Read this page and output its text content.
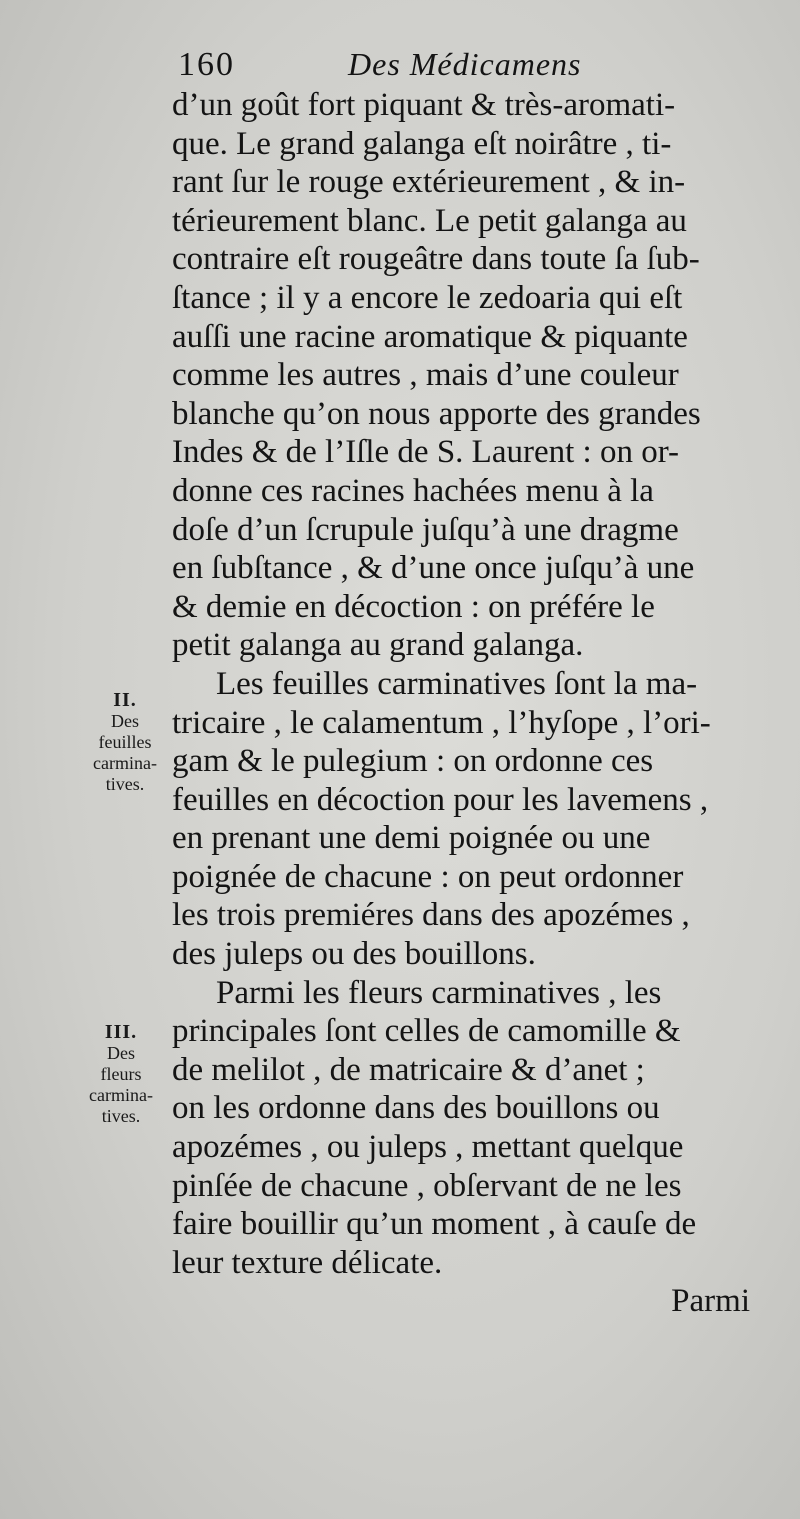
160	Des Médicamens
d’un goût fort piquant & très-aromati-
que. Le grand galanga eſt noirâtre , ti-
rant ſur le rouge extérieurement , & in-
térieurement blanc. Le petit galanga au
contraire eſt rougeâtre dans toute ſa ſub-
ſtance ; il y a encore le zedoaria qui eſt
auſſi une racine aromatique & piquante
comme les autres , mais d’une couleur
blanche qu’on nous apporte des grandes
Indes & de l’Iſle de S. Laurent : on or-
donne ces racines hachées menu à la
doſe d’un ſcrupule juſqu’à une dragme
en ſubſtance , & d’une once juſqu’à une
& demie en décoction : on préfére le
petit galanga au grand galanga.
Les feuilles carminatives ſont la ma-
tricaire , le calamentum , l’hyſope , l’ori-
gam & le pulegium : on ordonne ces
feuilles en décoction pour les lavemens ,
en prenant une demi poignée ou une
poignée de chacune : on peut ordonner
les trois premiéres dans des apozémes ,
des juleps ou des bouillons.
Parmi les fleurs carminatives , les
principales ſont celles de camomille &
de melilot , de matricaire & d’anet ;
on les ordonne dans des bouillons ou
apozémes , ou juleps , mettant quelque
pinſée de chacune , obſervant de ne les
faire bouillir qu’un moment , à cauſe de
leur texture délicate.
Parmi
II.
Des
feuilles
carmina-
tives.
III.
Des
fleurs
carmina-
tives.
